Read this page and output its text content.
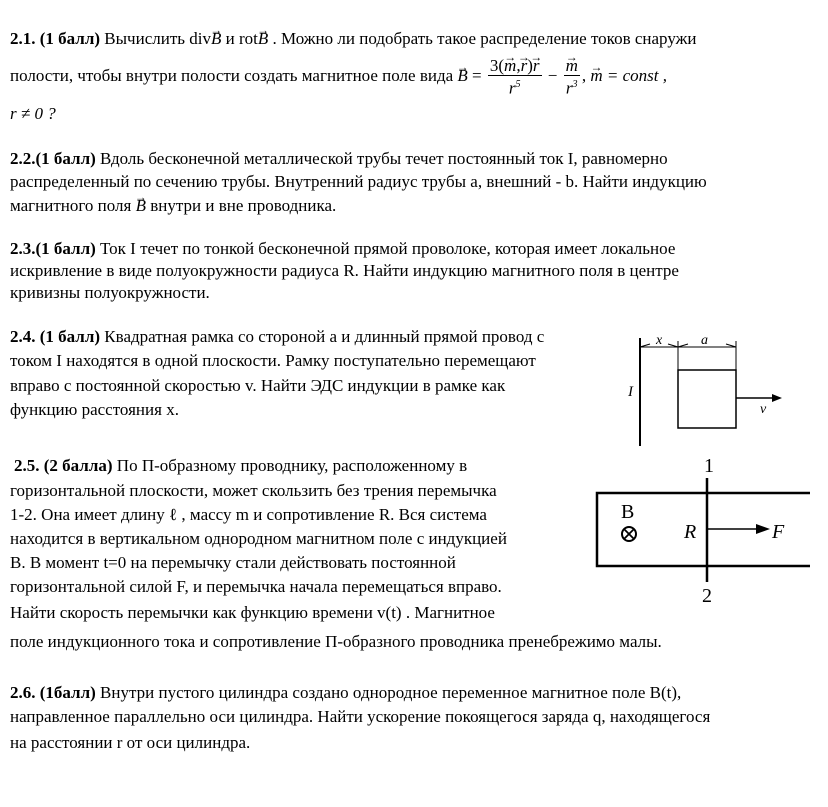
2.1. (1 балл) Вычислить div→ B и rot→ B . Можно ли подобрать такое распределение токов снаружи
полости, чтобы внутри полости создать магнитное поле вида → $B = \frac{3(\to m,\to r)\to r}{r^5}$ − → $\frac{m}{r^3}$ , → m = const ,
r ≠ 0 ?
2.2.(1 балл) Вдоль бесконечной металлической трубы течет постоянный ток I, равномерно
распределенный по сечению трубы. Внутренний радиус трубы a, внешний - b. Найти индукцию
магнитного поля → B внутри и вне проводника.
2.3.(1 балл) Ток I течет по тонкой бесконечной прямой проволоке, которая имеет локальное
искривление в виде полуокружности радиуса R. Найти индукцию магнитного поля в центре
кривизны полуокружности.
2.4. (1 балл) Квадратная рамка со стороной a и длинный прямой провод с
током I находятся в одной плоскости. Рамку поступательно перемещают
вправо с постоянной скоростью v. Найти ЭДС индукции в рамке как
функцию расстояния x.
x	a
I
v
2.5. (2 балла) По П-образному проводнику, расположенному в
горизонтальной плоскости, может скользить без трения перемычка
1-2. Она имеет длину ℓ , массу m и сопротивление R. Вся система
находится в вертикальном однородном магнитном поле с индукцией
B. В момент t=0 на перемычку стали действовать постоянной
горизонтальной силой F, и перемычка начала перемещаться вправо.
Найти скорость перемычки как функцию времени v(t) . Магнитное
поле индукционного тока и сопротивление П-образного проводника пренебрежимо малы.
1
2
B
R	F
2.6. (1балл) Внутри пустого цилиндра создано однородное переменное магнитное поле B(t),
направленное параллельно оси цилиндра. Найти ускорение покоящегося заряда q, находящегося
на расстоянии r от оси цилиндра.
